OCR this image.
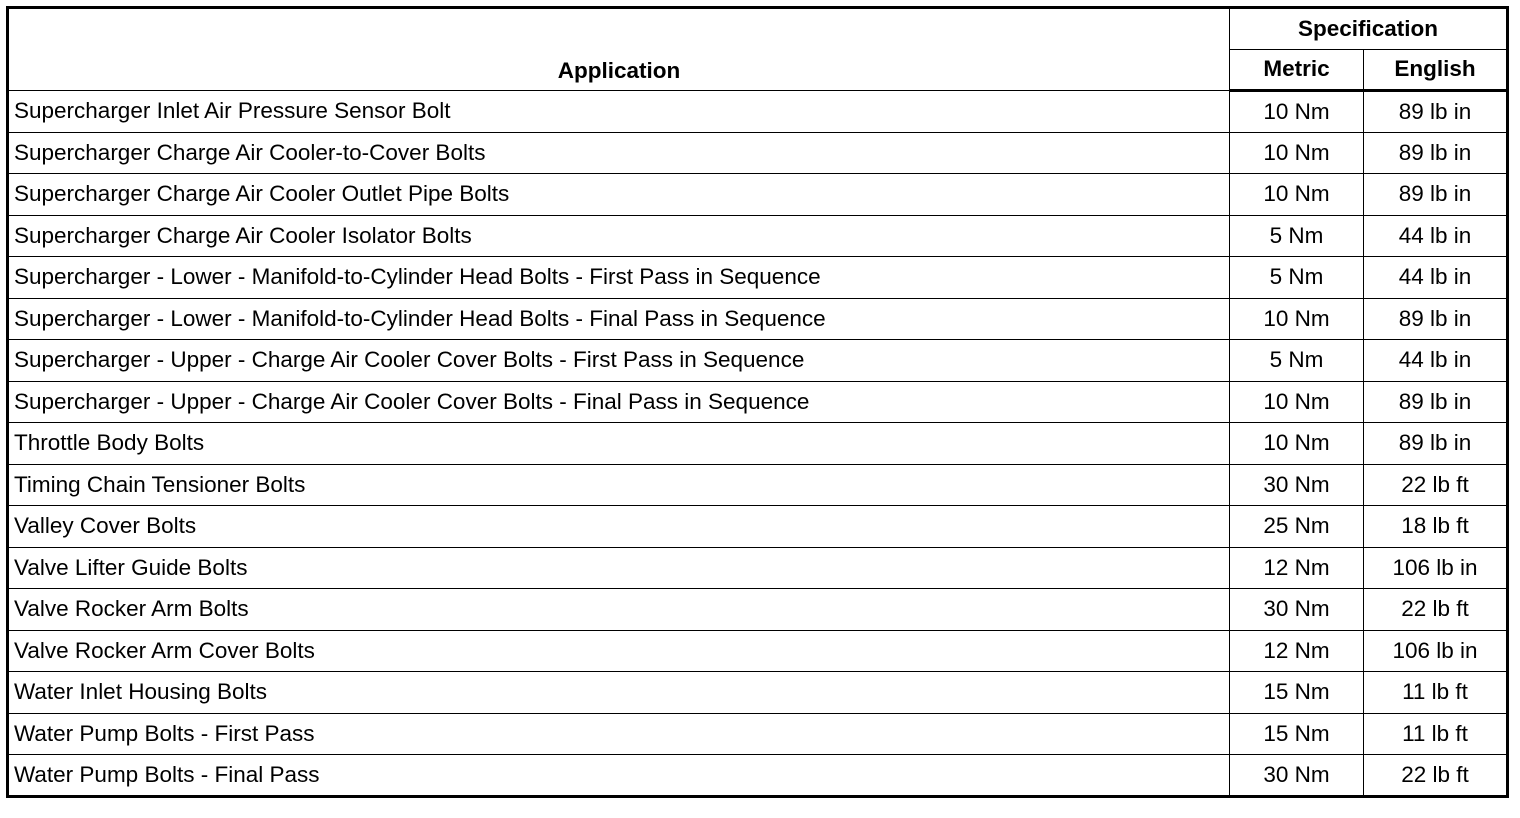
Application	Specification	
	Metric	English
Supercharger Inlet Air Pressure Sensor Bolt	10 Nm	89 lb in
Supercharger Charge Air Cooler-to-Cover Bolts	10 Nm	89 lb in
Supercharger Charge Air Cooler Outlet Pipe Bolts	10 Nm	89 lb in
Supercharger Charge Air Cooler Isolator Bolts	5 Nm	44 lb in
Supercharger - Lower - Manifold-to-Cylinder Head Bolts - First Pass in Sequence	5 Nm	44 lb in
Supercharger - Lower - Manifold-to-Cylinder Head Bolts - Final Pass in Sequence	10 Nm	89 lb in
Supercharger - Upper - Charge Air Cooler Cover Bolts - First Pass in Sequence	5 Nm	44 lb in
Supercharger - Upper - Charge Air Cooler Cover Bolts - Final Pass in Sequence	10 Nm	89 lb in
Throttle Body Bolts	10 Nm	89 lb in
Timing Chain Tensioner Bolts	30 Nm	22 lb ft
Valley Cover Bolts	25 Nm	18 lb ft
Valve Lifter Guide Bolts	12 Nm	106 lb in
Valve Rocker Arm Bolts	30 Nm	22 lb ft
Valve Rocker Arm Cover Bolts	12 Nm	106 lb in
Water Inlet Housing Bolts	15 Nm	11 lb ft
Water Pump Bolts - First Pass	15 Nm	11 lb ft
Water Pump Bolts - Final Pass	30 Nm	22 lb ft
